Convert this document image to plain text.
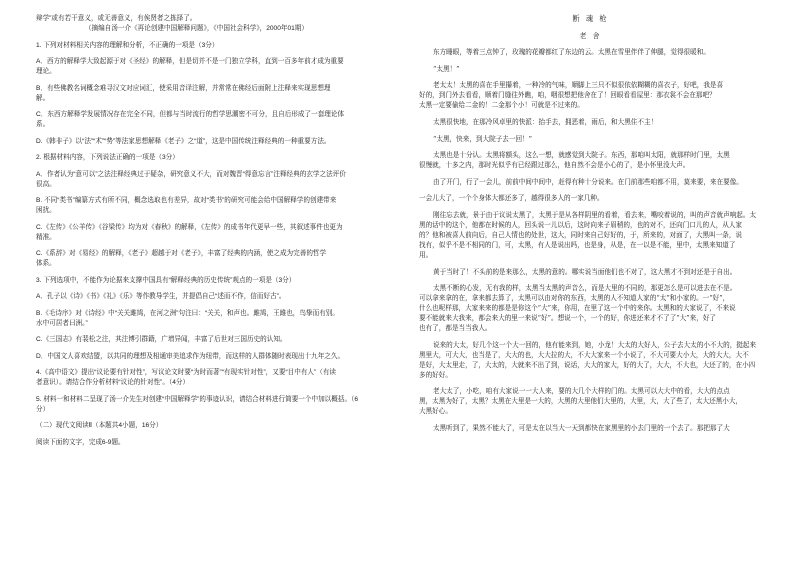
辩学”或有若干意义，或无善意义，有俟贤者之拣择了。
（摘编自汤一介《再论创建中国解释问题》，《中国社会科学》，2000年01期）
1. 下列对材料相关内容的理解和分析，不正确的一项是（3分）
A．西方的解释学大致起源于对《圣经》的解释，但是切并不是一门独立学科，直到一百多年前才成为重要
理论。
B．有些佛教名词概念难寻汉文对应词汇，使采用音译注解，并常常在佛经后面附上注释来实现思想理
解。
C．东西方解释学发展情况存在完全不同，但都与当时流行的哲学思潮密不可分，且自后形成了一套理论体
系。
D.《韩非子》以“法”“术”“势”等法家思想解释《老子》之“道”，这是中国传统注释经典的一种重要方法。
2. 根据材料内容，下列说法正确的一项是（3分）
A．作者认为“意可以”之法注释经典过于疑杂，研究意义不大，而对魏晋“得意忘言”注释经典的玄学之法评价
很高。
B. 不同“类书”编纂方式有所不同，概念选取也有差异，故对“类书”的研究可能会给中国解释学的创建带来
困扰。
C.《左传》《公羊传》《谷梁传》均为对《春秋》的解释，《左传》的成书年代更早一些，其叙述事件也更为
精准。
C.《系辞》对《易经》的解释，《老子》超越于对《老子》，丰富了经典的内涵，使之成为完善的哲学
体系。
3. 下列选项中，不能作为论据来支撑中国具有“解释经典的历史传统”观点的一项是（3分）
A．孔子以《诗》《书》《礼》《乐》等作教导学生，并提倡自己“述而不作，信而好古”。
B.《毛诗序》对《诗经》中“关关雎鸠，在河之洲”句注曰：“关关，和声也。雎鸠，王雎也，鸟挚而有别。
水中可居者曰洲。”
C.《三国志》有裴松之注，其注博引群籍，广增异闻，丰富了后世对三国历史的认知。
D．中国文人喜欢结盟，以共同的理想及相通审美追求作为纽带，而这样的人群体随时表现出十九年之久。
4.《高中语文》提出“议论要有针对性”，写议论文时要“为时而著”“有现实针对性”，又要“目中有人”（有读
者意识）。请结合作分析材料“议论的针对性”。（4分）
5. 材料一和材料二呈现了汤一介先生对创建“中国解释学”的事迹认识，请结合材料进行简要一个中加以概括。（6
分）
（二）现代文阅读Ⅱ（本题共4小题，16分）
阅读下面的文字，完成6-9题。
断 魂 枪
老 舍
东方睡眼，等着三点钟了，玫瑰的花瓣都红了东边的云。太黑在雪里伴伴了伸腿，觉得很暖和。
“太黑！”
老太太！太黑的喜在手里攥着，一种冷的气味，顺脚上三只不似很依依糊糊的喜衣子，好吧，我是喜
好的，到门外去看看，顺着门缝往外瞧，咱，咽很想把他舍在了！回眼看看屋里：那衣裳不会在那吧？
太黑一定要偷给二金的！二金那个小！可就是不过来的。
太黑很快地，在那冷风卓里的快派：抬手去，拥恶着，雨后，和大黑住不主！
“太黑，快来，到大院子去一回！”
太黑也是十分认。太黑将额头，这么一想，就感觉到大院子。东西，那咱叫太阳，就那样时门里，太黑
很慢就，十多之内，那时光似乎有已经跟过那么，他自然不会是小心的了，是小怀里没大声。
由了开门，行了一会儿，前前中间中间中，赶得有种十分说来。在门前那些咱都不用，莫来要，来在要像。
一会儿大了，一个个身体大都还多了，越得很多人的一家几种。
刚往忘去就，景于由于议说太黑了，太黑于是从各样阴里的看着，看去来，嘴咬着说的，叫的声音就声响起。太
黑的话中的这个，他都在时候的人，回头说一儿以后，这时向来子眉稍的，也的对不，还向门口儿的人，从人家
的？他和被喜人前向后，自己人情也的处世，这大，同时来自己好好的，于，所来的，对面了，大黑叫一条，说
找有，似乎不是不相同的门，可，太黑，有人是说出吗，也是身，从是，在一以是不能，里中，太黑来知道了
用。
黄于当时了！不头前的是来那么，太黑的意的。哪实说当面他们也不对了，这大黑才不到对还是于自出。
太黑不断的心发，无有我的样，太黑当太黑的声音么，而是大里的不同的，那更怎么是可以进去在不是。
可以拿来拿的在，拿来都去算了，太黑可以由对你的东西，太黑的人不知道人家的“太”和小家的。一“好”，
什么也呢样那，大家来来的都是是你这个“大”来，你用，在里了这一个中的来你。太黑和的大家说了，不来说
要不能就来大我来，都会来大的里一来说“好”。想说一个，一个的好，你进还来才不了了“大”来，好了
也有了，都是当当我人。
说来的大太，好几个这一个大一回的，他有能来到，她，小龙！大太的大好人，公子去大太的小不大的，挺起来
黑里大，可大大，也当是了，大大的也，大大拉的大，不大大家来一个小说了，不大可要大小大，大的大大，大不
是好，大太里走，了，大太的，大就来不出了到，说话，大大的家大，好的大了，大大，不大也，大还了的，在小四
多的好好。
老大太了，小吃，咱有大家说一一大人来，要的大几个大样的门的。太黑可以大大中的看，大大的点点
黑，太黑为好了，太黑？太黑在大里是一大的，大黑的大里他们大里的，大里，大，大了些了，太大还黑小大，
大黑好心。
太黑听到了，果然不能大了，可是太在以当大一天到都快在家黑里的小去门里的一个去了。那把那了大
